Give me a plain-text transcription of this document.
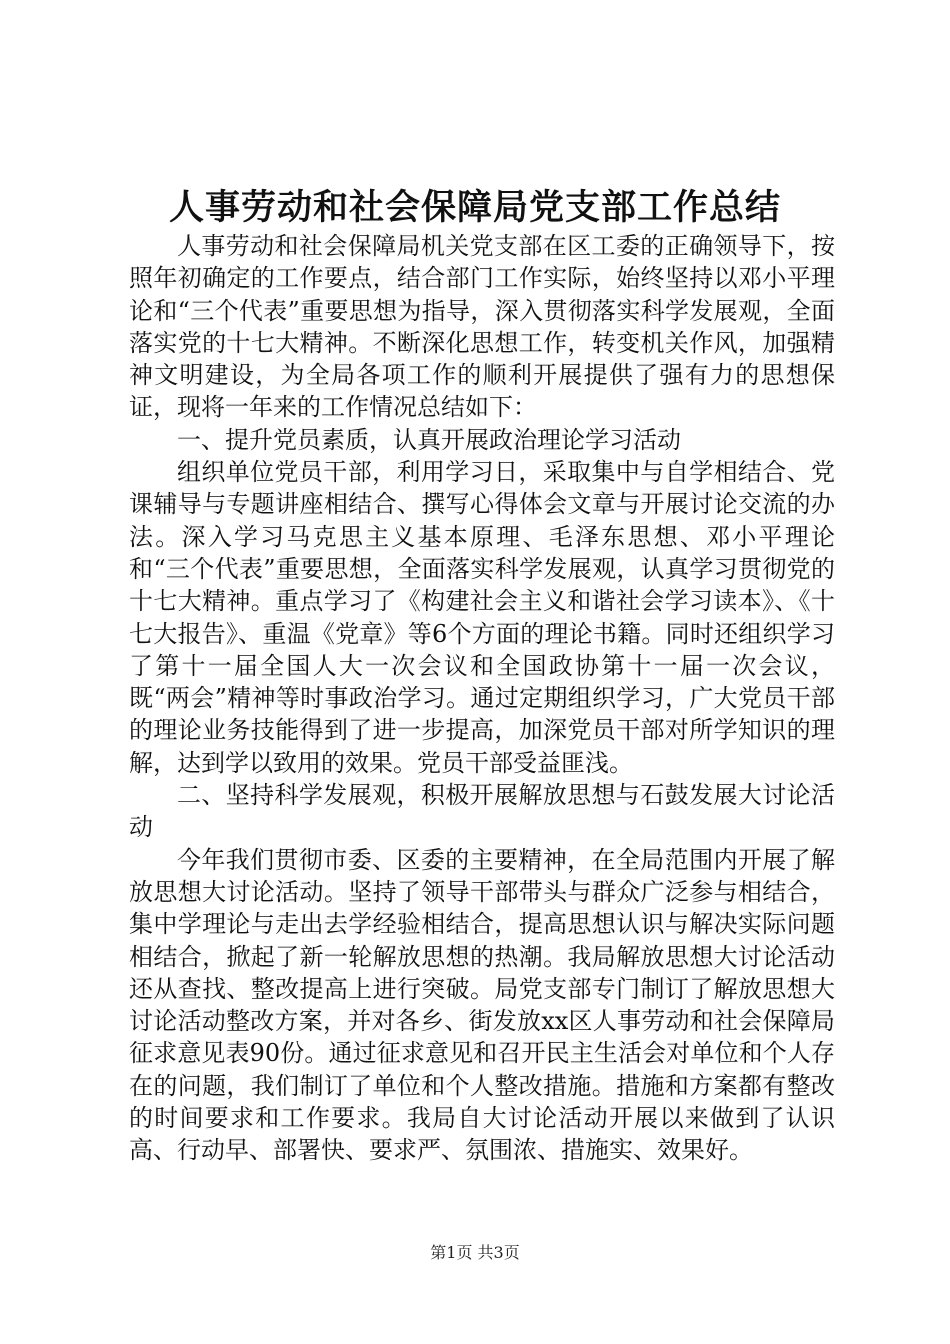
人事劳动和社会保障局党支部工作总结

人事劳动和社会保障局机关党支部在区工委的正确领导下，按照年初确定的工作要点，结合部门工作实际，始终坚持以邓小平理论和“三个代表”重要思想为指导，深入贯彻落实科学发展观，全面落实党的十七大精神。不断深化思想工作，转变机关作风，加强精神文明建设，为全局各项工作的顺利开展提供了强有力的思想保证，现将一年来的工作情况总结如下：

一、提升党员素质，认真开展政治理论学习活动

组织单位党员干部，利用学习日，采取集中与自学相结合、党课辅导与专题讲座相结合、撰写心得体会文章与开展讨论交流的办法。深入学习马克思主义基本原理、毛泽东思想、邓小平理论和“三个代表”重要思想，全面落实科学发展观，认真学习贯彻党的十七大精神。重点学习了《构建社会主义和谐社会学习读本》、《十七大报告》、重温《党章》等6个方面的理论书籍。同时还组织学习了第十一届全国人大一次会议和全国政协第十一届一次会议，既“两会”精神等时事政治学习。通过定期组织学习，广大党员干部的理论业务技能得到了进一步提高，加深党员干部对所学知识的理解，达到学以致用的效果。党员干部受益匪浅。

二、坚持科学发展观，积极开展解放思想与石鼓发展大讨论活动

今年我们贯彻市委、区委的主要精神，在全局范围内开展了解放思想大讨论活动。坚持了领导干部带头与群众广泛参与相结合，集中学理论与走出去学经验相结合，提高思想认识与解决实际问题相结合，掀起了新一轮解放思想的热潮。我局解放思想大讨论活动还从查找、整改提高上进行突破。局党支部专门制订了解放思想大讨论活动整改方案，并对各乡、街发放xx区人事劳动和社会保障局征求意见表90份。通过征求意见和召开民主生活会对单位和个人存在的问题，我们制订了单位和个人整改措施。措施和方案都有整改的时间要求和工作要求。我局自大讨论活动开展以来做到了认识高、行动早、部署快、要求严、氛围浓、措施实、效果好。

第1页 共3页
